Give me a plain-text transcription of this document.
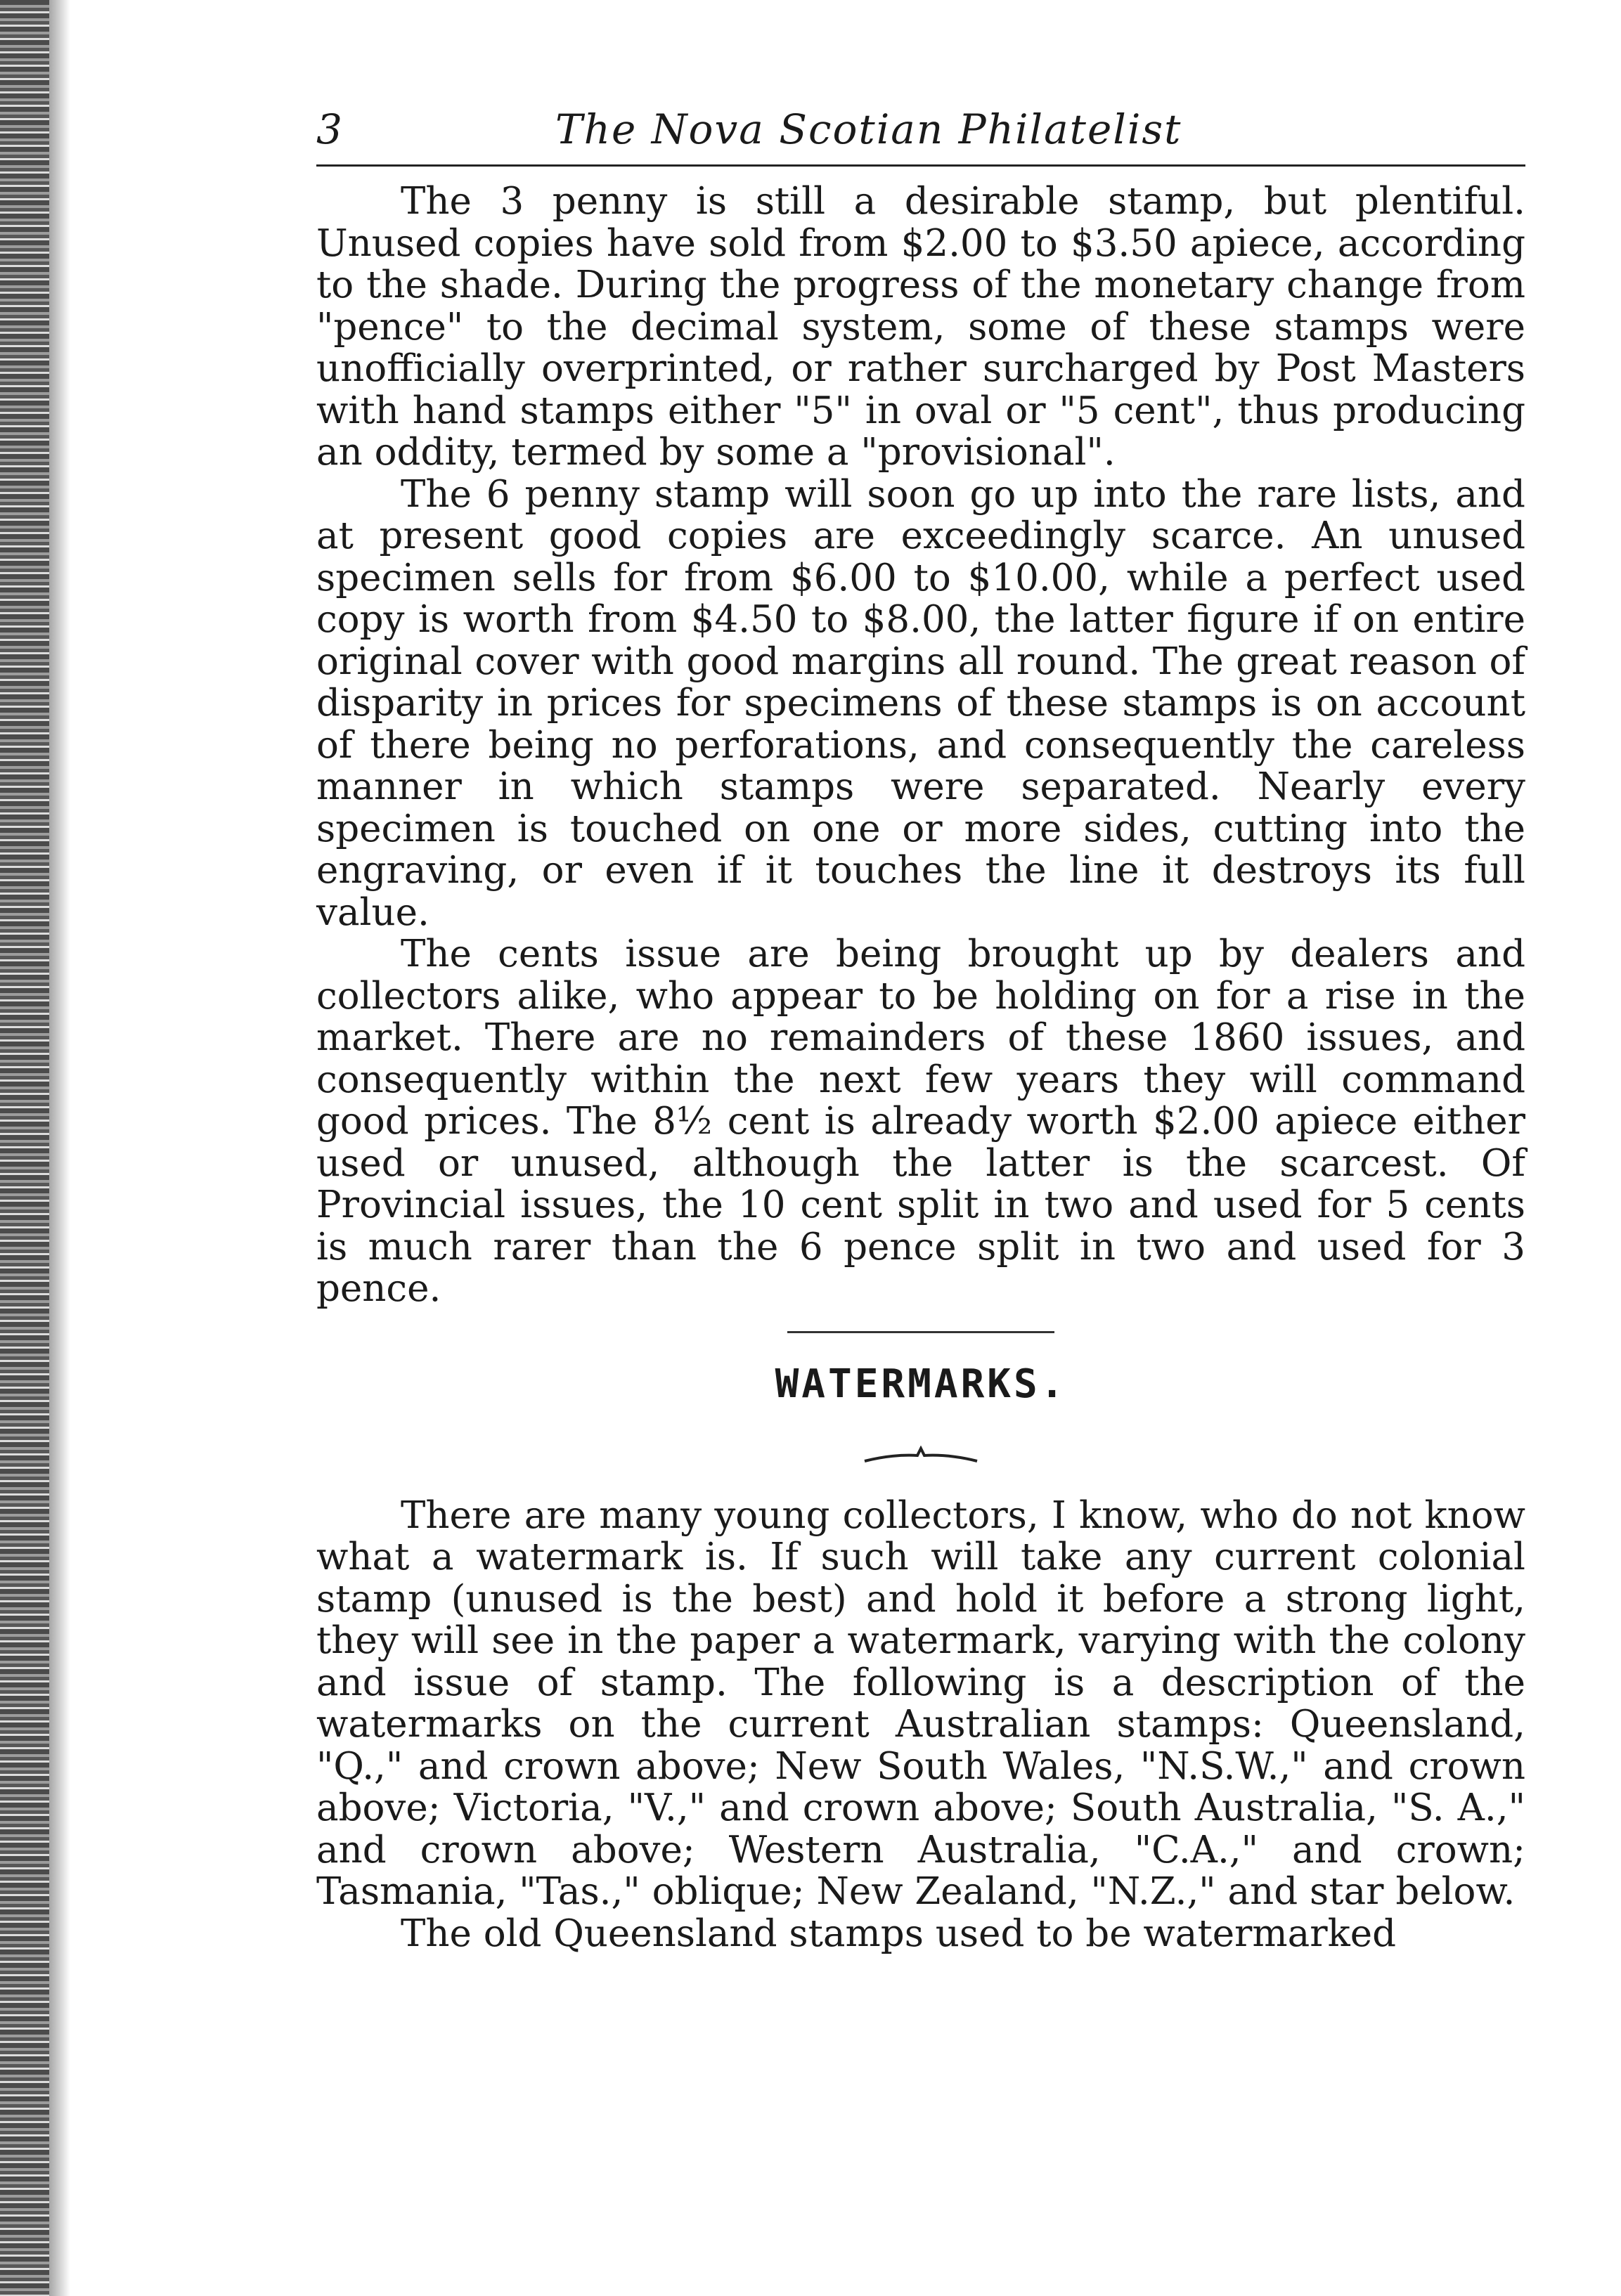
3	The Nova Scotian Philatelist

The 3 penny is still a desirable stamp, but plentiful. Unused copies have sold from $2.00 to $3.50 apiece, according to the shade. During the progress of the monetary change from "pence" to the decimal system, some of these stamps were unofficially overprinted, or rather surcharged by Post Masters with hand stamps either "5" in oval or "5 cent", thus producing an oddity, termed by some a "provisional".

The 6 penny stamp will soon go up into the rare lists, and at present good copies are exceedingly scarce. An unused specimen sells for from $6.00 to $10.00, while a perfect used copy is worth from $4.50 to $8.00, the latter figure if on entire original cover with good margins all round. The great reason of disparity in prices for specimens of these stamps is on account of there being no perforations, and consequently the careless manner in which stamps were separated. Nearly every specimen is touched on one or more sides, cutting into the engraving, or even if it touches the line it destroys its full value.

The cents issue are being brought up by dealers and collectors alike, who appear to be holding on for a rise in the market. There are no remainders of these 1860 issues, and consequently within the next few years they will command good prices. The 8½ cent is already worth $2.00 apiece either used or unused, although the latter is the scarcest. Of Provincial issues, the 10 cent split in two and used for 5 cents is much rarer than the 6 pence split in two and used for 3 pence.

WATERMARKS.

There are many young collectors, I know, who do not know what a watermark is. If such will take any current colonial stamp (unused is the best) and hold it before a strong light, they will see in the paper a watermark, varying with the colony and issue of stamp. The following is a description of the watermarks on the current Australian stamps: Queensland, "Q.," and crown above; New South Wales, "N.S.W.," and crown above; Victoria, "V.," and crown above; South Australia, "S. A.," and crown above; Western Australia, "C.A.," and crown; Tasmania, "Tas.," oblique; New Zealand, "N.Z.," and star below.

The old Queensland stamps used to be watermarked
